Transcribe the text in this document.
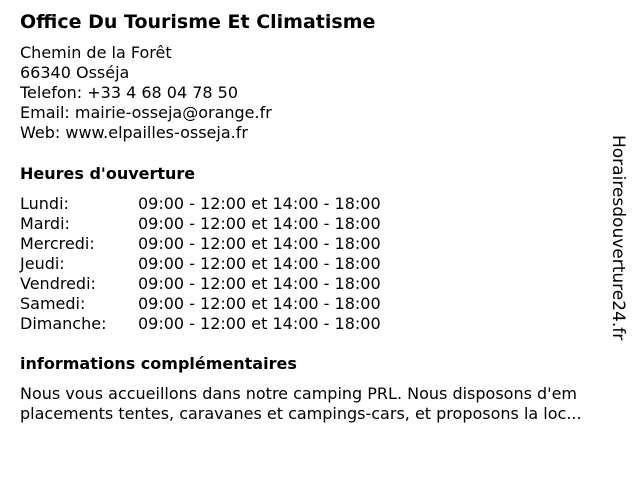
Office Du Tourisme Et Climatisme
Chemin de la Forêt
66340 Osséja
Telefon: +33 4 68 04 78 50
Email: mairie-osseja@orange.fr
Web: www.elpailles-osseja.fr
Heures d'ouverture
Lundi:	09:00 - 12:00 et 14:00 - 18:00
Mardi:	09:00 - 12:00 et 14:00 - 18:00
Mercredi:	09:00 - 12:00 et 14:00 - 18:00
Jeudi:	09:00 - 12:00 et 14:00 - 18:00
Vendredi:	09:00 - 12:00 et 14:00 - 18:00
Samedi:	09:00 - 12:00 et 14:00 - 18:00
Dimanche:	09:00 - 12:00 et 14:00 - 18:00
informations complémentaires
Nous vous accueillons dans notre camping PRL. Nous disposons d'em
placements tentes, caravanes et campings-cars, et proposons la loc...
Horairesdouverture24.fr
